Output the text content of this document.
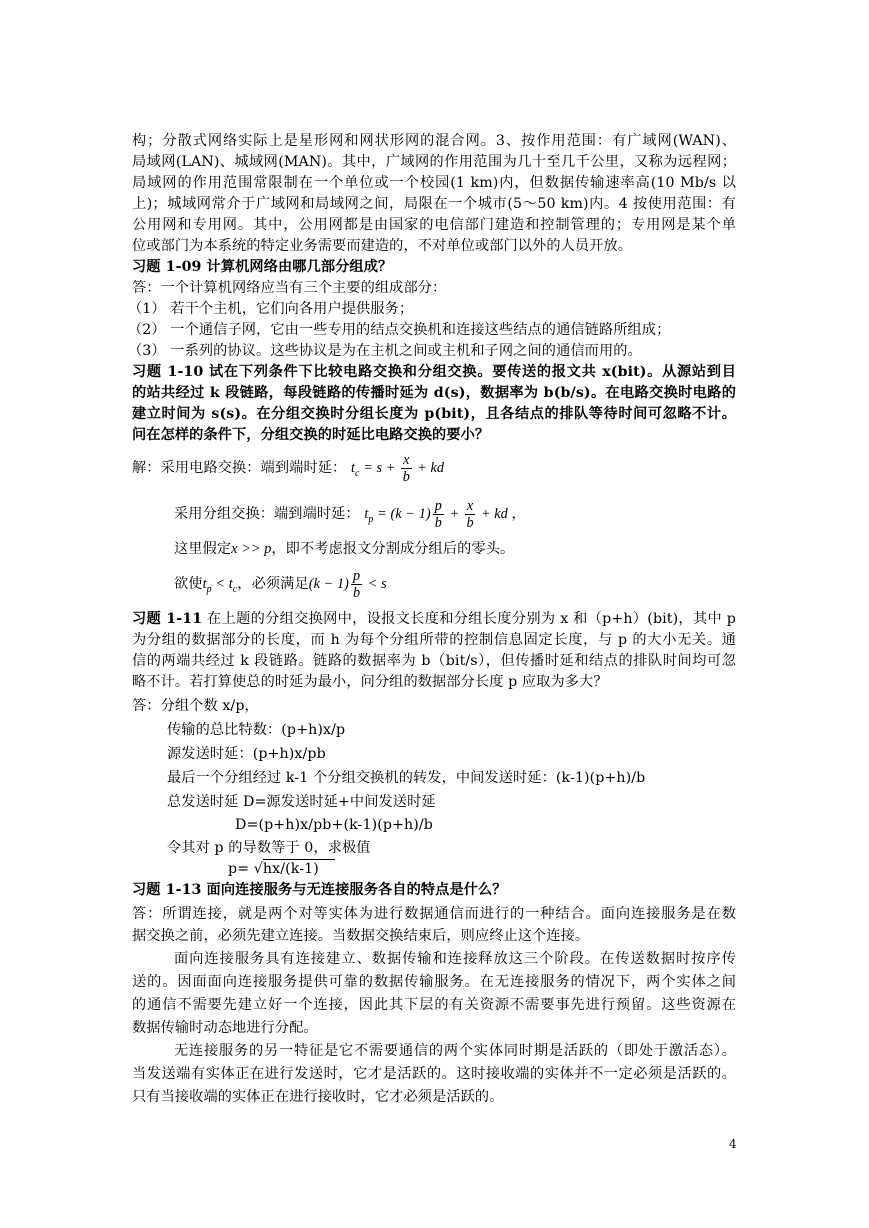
构；分散式网络实际上是星形网和网状形网的混合网。3、按作用范围：有广域网(WAN)、
局域网(LAN)、城域网(MAN)。其中，广域网的作用范围为几十至几千公里，又称为远程网；
局域网的作用范围常限制在一个单位或一个校园(1 km)内，但数据传输速率高(10 Mb/s 以
上)；城域网常介于广域网和局域网之间，局限在一个城市(5～50 km)内。4 按使用范围：有
公用网和专用网。其中，公用网都是由国家的电信部门建造和控制管理的；专用网是某个单
位或部门为本系统的特定业务需要而建造的，不对单位或部门以外的人员开放。
习题 1-09 计算机网络由哪几部分组成？
答：一个计算机网络应当有三个主要的组成部分：
（1） 若干个主机，它们向各用户提供服务；
（2） 一个通信子网，它由一些专用的结点交换机和连接这些结点的通信链路所组成；
（3） 一系列的协议。这些协议是为在主机之间或主机和子网之间的通信而用的。
习题 1-10 试在下列条件下比较电路交换和分组交换。要传送的报文共 x(bit)。从源站到目
的站共经过 k 段链路，每段链路的传播时延为 d(s)，数据率为 b(b/s)。在电路交换时电路的
建立时间为 s(s)。在分组交换时分组长度为 p(bit)，且各结点的排队等待时间可忽略不计。
问在怎样的条件下，分组交换的时延比电路交换的要小？
解：采用电路交换：端到端时延： $t_c = s + \frac{x}{b}$ + kd
采用分组交换：端到端时延： $t_p = (k - 1) \frac{p}{b} + \frac{x}{b}$ + kd ，
这里假定x >> p，即不考虑报文分割成分组后的零头。
欲使$t_p < t_c$，必须满足$(k - 1) \frac{p}{b} < s$
习题 1-11 在上题的分组交换网中，设报文长度和分组长度分别为 x 和（p+h）(bit)，其中 p
为分组的数据部分的长度，而 h 为每个分组所带的控制信息固定长度，与 p 的大小无关。通
信的两端共经过 k 段链路。链路的数据率为 b（bit/s），但传播时延和结点的排队时间均可忽
略不计。若打算使总的时延为最小，问分组的数据部分长度 p 应取为多大？
答：分组个数 x/p，
传输的总比特数：(p+h)x/p
源发送时延：(p+h)x/pb
最后一个分组经过 k-1 个分组交换机的转发，中间发送时延：(k-1)(p+h)/b
总发送时延 D=源发送时延+中间发送时延
D=(p+h)x/pb+(k-1)(p+h)/b
令其对 p 的导数等于 0，求极值
p= √hx/(k-1)
习题 1-13 面向连接服务与无连接服务各自的特点是什么？
答：所谓连接，就是两个对等实体为进行数据通信而进行的一种结合。面向连接服务是在数
据交换之前，必须先建立连接。当数据交换结束后，则应终止这个连接。
面向连接服务具有连接建立、数据传输和连接释放这三个阶段。在传送数据时按序传
送的。因面面向连接服务提供可靠的数据传输服务。在无连接服务的情况下，两个实体之间
的通信不需要先建立好一个连接，因此其下层的有关资源不需要事先进行预留。这些资源在
数据传输时动态地进行分配。
无连接服务的另一特征是它不需要通信的两个实体同时期是活跃的（即处于激活态）。
当发送端有实体正在进行发送时，它才是活跃的。这时接收端的实体并不一定必须是活跃的。
只有当接收端的实体正在进行接收时，它才必须是活跃的。
4
